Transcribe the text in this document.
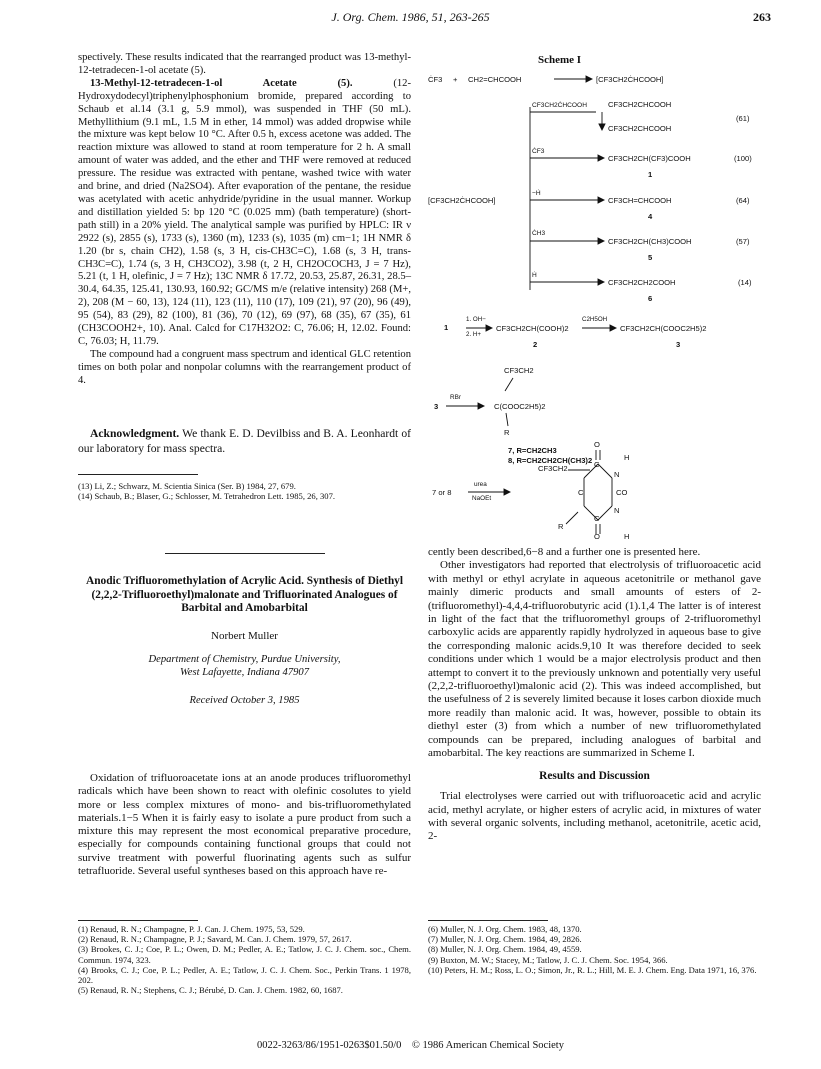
J. Org. Chem. 1986, 51, 263-265	263

spectively. These results indicated that the rearranged product was 13-methyl-12-tetradecen-1-ol acetate (5).

13-Methyl-12-tetradecen-1-ol Acetate (5).	(12-Hydroxydodecyl)triphenylphosphonium bromide, prepared according to Schaub et al.14 (3.1 g, 5.9 mmol), was suspended in THF (50 mL). Methyllithium (9.1 mL, 1.5 M in ether, 14 mmol) was added dropwise while the mixture was kept below 10 °C. After 0.5 h, excess acetone was added. The reaction mixture was allowed to stand at room temperature for 2 h. A small amount of water was added, and the ether and THF were removed at reduced pressure. The residue was extracted with pentane, washed twice with water and brine, and dried (Na2SO4). After evaporation of the pentane, the residue was acetylated with acetic anhydride/pyridine in the usual manner. Workup and distillation yielded 5: bp 120 °C (0.025 mm) (bath temperature) (short-path still) in a 20% yield. The analytical sample was purified by HPLC: IR ν 2922 (s), 2855 (s), 1733 (s), 1360 (m), 1233 (s), 1035 (m) cm−1; 1H NMR δ 1.20 (br s, chain CH2), 1.58 (s, 3 H, cis-CH3C=C), 1.68 (s, 3 H, trans-CH3C=C), 1.74 (s, 3 H, CH3CO2), 3.98 (t, 2 H, CH2OCOCH3, J = 7 Hz), 5.21 (t, 1 H, olefinic, J = 7 Hz); 13C NMR δ 17.72, 20.53, 25.87, 26.31, 28.5–30.4, 64.35, 125.41, 130.93, 160.92; GC/MS m/e (relative intensity) 268 (M+, 2), 208 (M − 60, 13), 124 (11), 123 (11), 110 (17), 109 (21), 97 (20), 96 (49), 95 (54), 83 (29), 82 (100), 81 (36), 70 (12), 69 (97), 68 (35), 67 (35), 61 (CH3COOH2+, 10). Anal. Calcd for C17H32O2: C, 76.06; H, 12.02. Found: C, 76.03; H, 11.79.

The compound had a congruent mass spectrum and identical GLC retention times on both polar and nonpolar columns with the rearrangement product of 4.

Acknowledgment. We thank E. D. Devilbiss and B. A. Leonhardt of our laboratory for mass spectra.

(13) Li, Z.; Schwarz, M. Scientia Sinica (Ser. B) 1984, 27, 679.
(14) Schaub, B.; Blaser, G.; Schlosser, M. Tetrahedron Lett. 1985, 26, 307.
Anodic Trifluoromethylation of Acrylic Acid. Synthesis of Diethyl (2,2,2-Trifluoroethyl)malonate and Trifluorinated Analogues of Barbital and Amobarbital
Norbert Muller
Department of Chemistry, Purdue University,
West Lafayette, Indiana 47907
Received October 3, 1985

Oxidation of trifluoroacetate ions at an anode produces trifluoromethyl radicals which have been shown to react with olefinic cosolutes to yield more or less complex mixtures of mono- and bis-trifluoromethylated materials.1−5 When it is fairly easy to isolate a pure product from such a mixture this may represent the most economical preparative procedure, especially for compounds containing functional groups that could not survive treatment with powerful fluorinating agents such as sulfur tetrafluoride. Several useful syntheses based on this approach have re-

(1) Renaud, R. N.; Champagne, P. J. Can. J. Chem. 1975, 53, 529.
(2) Renaud, R. N.; Champagne, P. J.; Savard, M. Can. J. Chem. 1979, 57, 2617.
(3) Brookes, C. J.; Coe, P. L.; Owen, D. M.; Pedler, A. E.; Tatlow, J. C. J. Chem. soc., Chem. Commun. 1974, 323.
(4) Brooks, C. J.; Coe, P. L.; Pedler, A. E.; Tatlow, J. C. J. Chem. Soc., Perkin Trans. 1 1978, 202.
(5) Renaud, R. N.; Stephens, C. J.; Bérubé, D. Can. J. Chem. 1982, 60, 1687.
Scheme I
ĊF3 + CH2=CHCOOH	[CF3CH2ĊHCOOH]
CF3CH2ĊHCOOH	CF3CH2CHCOOH
CF3CH2CHCOOH
(61)
ĊF3
CF3CH2CH(CF3)COOH	(100)
1
[CF3CH2ĊHCOOH]
−Ḣ
CF3CH=CHCOOH	(64)
4
ĊH3
CF3CH2CH(CH3)COOH	(57)
5
Ḣ
CF3CH2CH2COOH	(14)
6
1
1. OH−
2. H+
CF3CH2CH(COOH)2
C2H5OH
CF3CH2CH(COOC2H5)2
2	3
3
RBr
CF3CH2
C(COOC2H5)2
R
7, R=CH2CH3
8, R=CH2CH2CH(CH3)2
7 or 8
urea
NaOEt
H
O
CF3CH2	C
N
C	CO
R
C
N
O	H

cently been described,6−8 and a further one is presented here.

Other investigators had reported that electrolysis of trifluoroacetic acid with methyl or ethyl acrylate in aqueous acetonitrile or methanol gave mainly dimeric products and small amounts of esters of 2-(trifluoromethyl)-4,4,4-trifluorobutyric acid (1).1,4 The latter is of interest in light of the fact that the trifluoromethyl groups of 2-trifluoromethyl carboxylic acids are apparently rapidly hydrolyzed in aqueous base to give the corresponding malonic acids.9,10 It was therefore decided to seek conditions under which 1 would be a major electrolysis product and then attempt to convert it to the previously unknown and potentially very useful (2,2,2-trifluoroethyl)malonic acid (2). This was indeed accomplished, but the usefulness of 2 is severely limited because it loses carbon dioxide much more readily than malonic acid. It was, however, possible to obtain its diethyl ester (3) from which a number of new trifluoromethylated compounds can be prepared, including analogues of barbital and amobarbital. The key reactions are summarized in Scheme I.

Results and Discussion

Trial electrolyses were carried out with trifluoroacetic acid and acrylic acid, methyl acrylate, or higher esters of acrylic acid, in mixtures of water with several organic solvents, including methanol, acetonitrile, acetic acid, 2-

(6) Muller, N. J. Org. Chem. 1983, 48, 1370.
(7) Muller, N. J. Org. Chem. 1984, 49, 2826.
(8) Muller, N. J. Org. Chem. 1984, 49, 4559.
(9) Buxton, M. W.; Stacey, M.; Tatlow, J. C. J. Chem. Soc. 1954, 366.
(10) Peters, H. M.; Ross, L. O.; Simon, Jr., R. L.; Hill, M. E. J. Chem. Eng. Data 1971, 16, 376.
0022-3263/86/1951-0263$01.50/0 © 1986 American Chemical Society
